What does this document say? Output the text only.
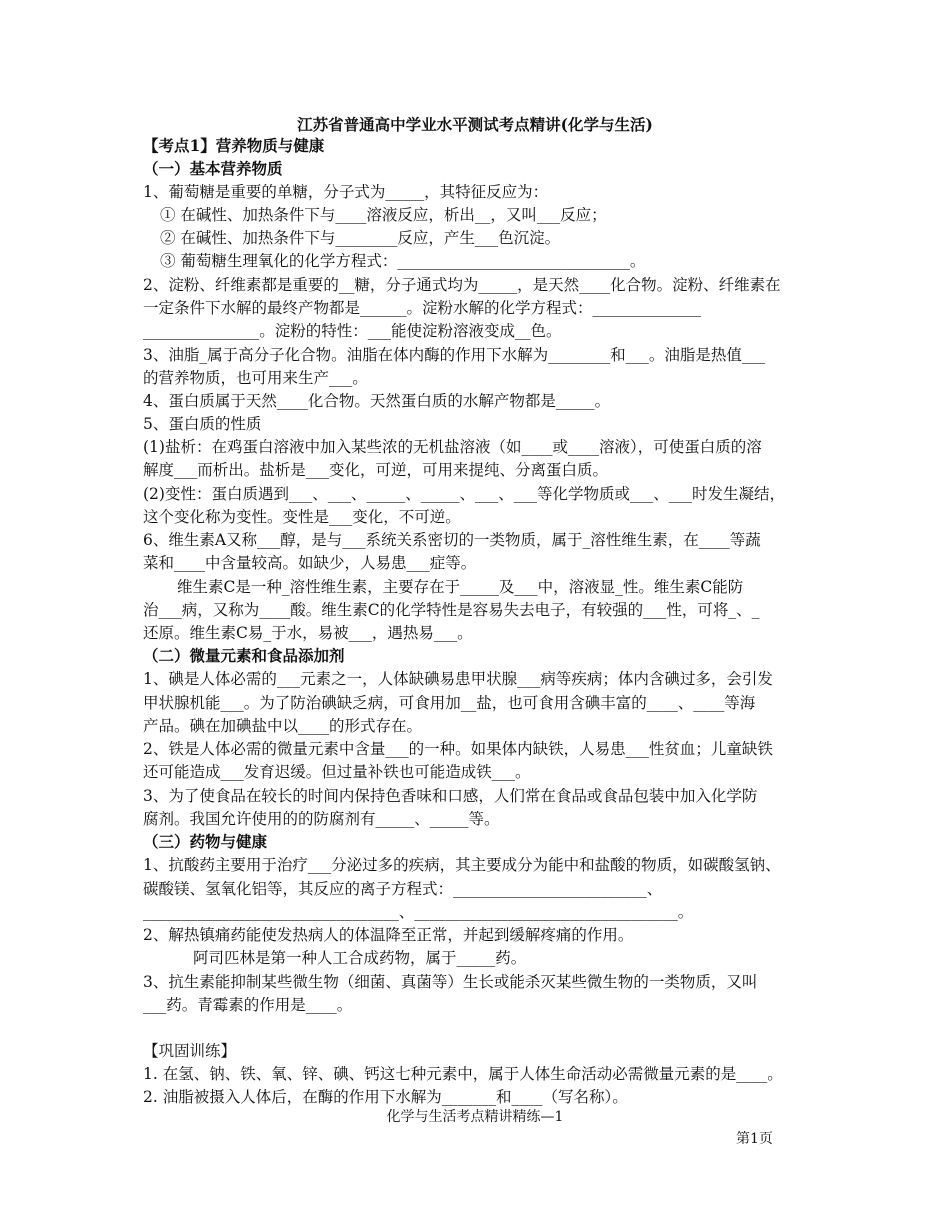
江苏省普通高中学业水平测试考点精讲(化学与生活)
【考点1】营养物质与健康
（一）基本营养物质
1、葡萄糖是重要的单糖，分子式为_____，其特征反应为：
① 在碱性、加热条件下与____溶液反应，析出__，又叫___反应；
② 在碱性、加热条件下与________反应，产生___色沉淀。
③ 葡萄糖生理氧化的化学方程式：______________________________。
2、淀粉、纤维素都是重要的__糖，分子通式均为_____，是天然____化合物。淀粉、纤维素在
一定条件下水解的最终产物都是______。淀粉水解的化学方程式：______________
_______________。淀粉的特性：___能使淀粉溶液变成__色。
3、油脂_属于高分子化合物。油脂在体内酶的作用下水解为________和___。油脂是热值___
的营养物质，也可用来生产___。
4、蛋白质属于天然____化合物。天然蛋白质的水解产物都是_____。
5、蛋白质的性质
(1)盐析：在鸡蛋白溶液中加入某些浓的无机盐溶液（如____或____溶液），可使蛋白质的溶
解度___而析出。盐析是___变化，可逆，可用来提纯、分离蛋白质。
(2)变性：蛋白质遇到___、___、_____、_____、___、___等化学物质或___、___时发生凝结，
这个变化称为变性。变性是___变化，不可逆。
6、维生素A又称___醇，是与___系统关系密切的一类物质，属于_溶性维生素，在____等蔬
菜和____中含量较高。如缺少，人易患___症等。
维生素C是一种_溶性维生素，主要存在于_____及___中，溶液显_性。维生素C能防
治___病，又称为____酸。维生素C的化学特性是容易失去电子，有较强的___性，可将_、_
还原。维生素C易_于水，易被___，遇热易___。
（二）微量元素和食品添加剂
1、碘是人体必需的___元素之一，人体缺碘易患甲状腺___病等疾病；体内含碘过多，会引发
甲状腺机能___。为了防治碘缺乏病，可食用加__盐，也可食用含碘丰富的____、____等海
产品。碘在加碘盐中以____的形式存在。
2、铁是人体必需的微量元素中含量___的一种。如果体内缺铁，人易患___性贫血；儿童缺铁
还可能造成___发育迟缓。但过量补铁也可能造成铁___。
3、为了使食品在较长的时间内保持色香味和口感，人们常在食品或食品包装中加入化学防
腐剂。我国允许使用的的防腐剂有_____、_____等。
（三）药物与健康
1、抗酸药主要用于治疗___分泌过多的疾病，其主要成分为能中和盐酸的物质，如碳酸氢钠、
碳酸镁、氢氧化铝等，其反应的离子方程式：_________________________、
_________________________________、__________________________________。
2、解热镇痛药能使发热病人的体温降至正常，并起到缓解疼痛的作用。
阿司匹林是第一种人工合成药物，属于_____药。
3、抗生素能抑制某些微生物（细菌、真菌等）生长或能杀灭某些微生物的一类物质，又叫
___药。青霉素的作用是____。
【巩固训练】
1. 在氢、钠、铁、氧、锌、碘、钙这七种元素中，属于人体生命活动必需微量元素的是____。
2. 油脂被摄入人体后，在酶的作用下水解为_______和____（写名称）。
化学与生活考点精讲精练—1
第1页
